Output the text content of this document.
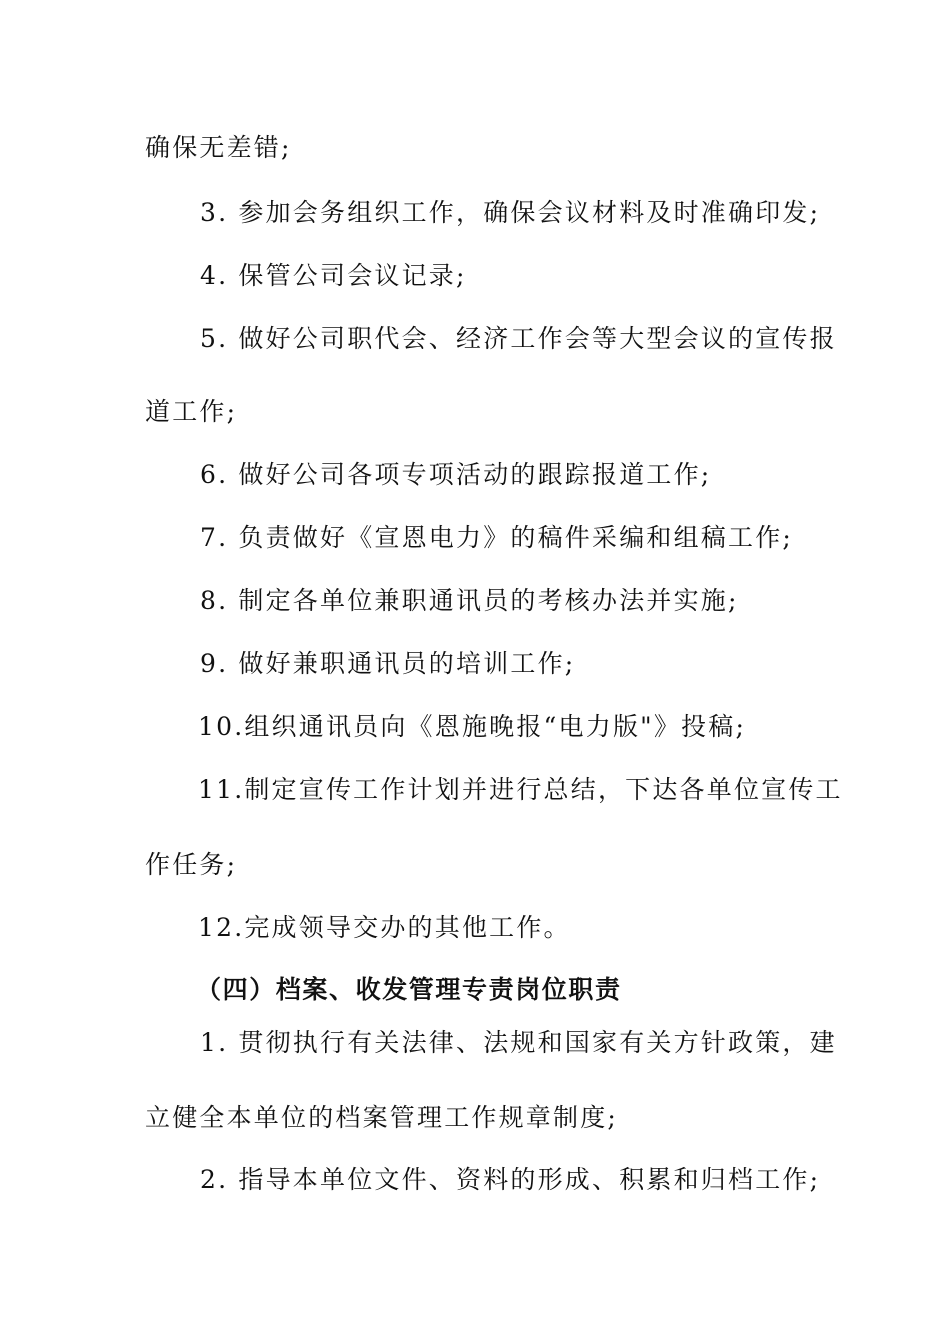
确保无差错;
3. 参加会务组织工作，确保会议材料及时准确印发;
4. 保管公司会议记录;
5. 做好公司职代会、经济工作会等大型会议的宣传报
道工作;
6. 做好公司各项专项活动的跟踪报道工作;
7. 负责做好《宣恩电力》的稿件采编和组稿工作;
8. 制定各单位兼职通讯员的考核办法并实施;
9. 做好兼职通讯员的培训工作;
10.组织通讯员向《恩施晚报“电力版"》投稿;
11.制定宣传工作计划并进行总结，下达各单位宣传工
作任务;
12.完成领导交办的其他工作。
（四）档案、收发管理专责岗位职责
1. 贯彻执行有关法律、法规和国家有关方针政策，建
立健全本单位的档案管理工作规章制度;
2. 指导本单位文件、资料的形成、积累和归档工作;
